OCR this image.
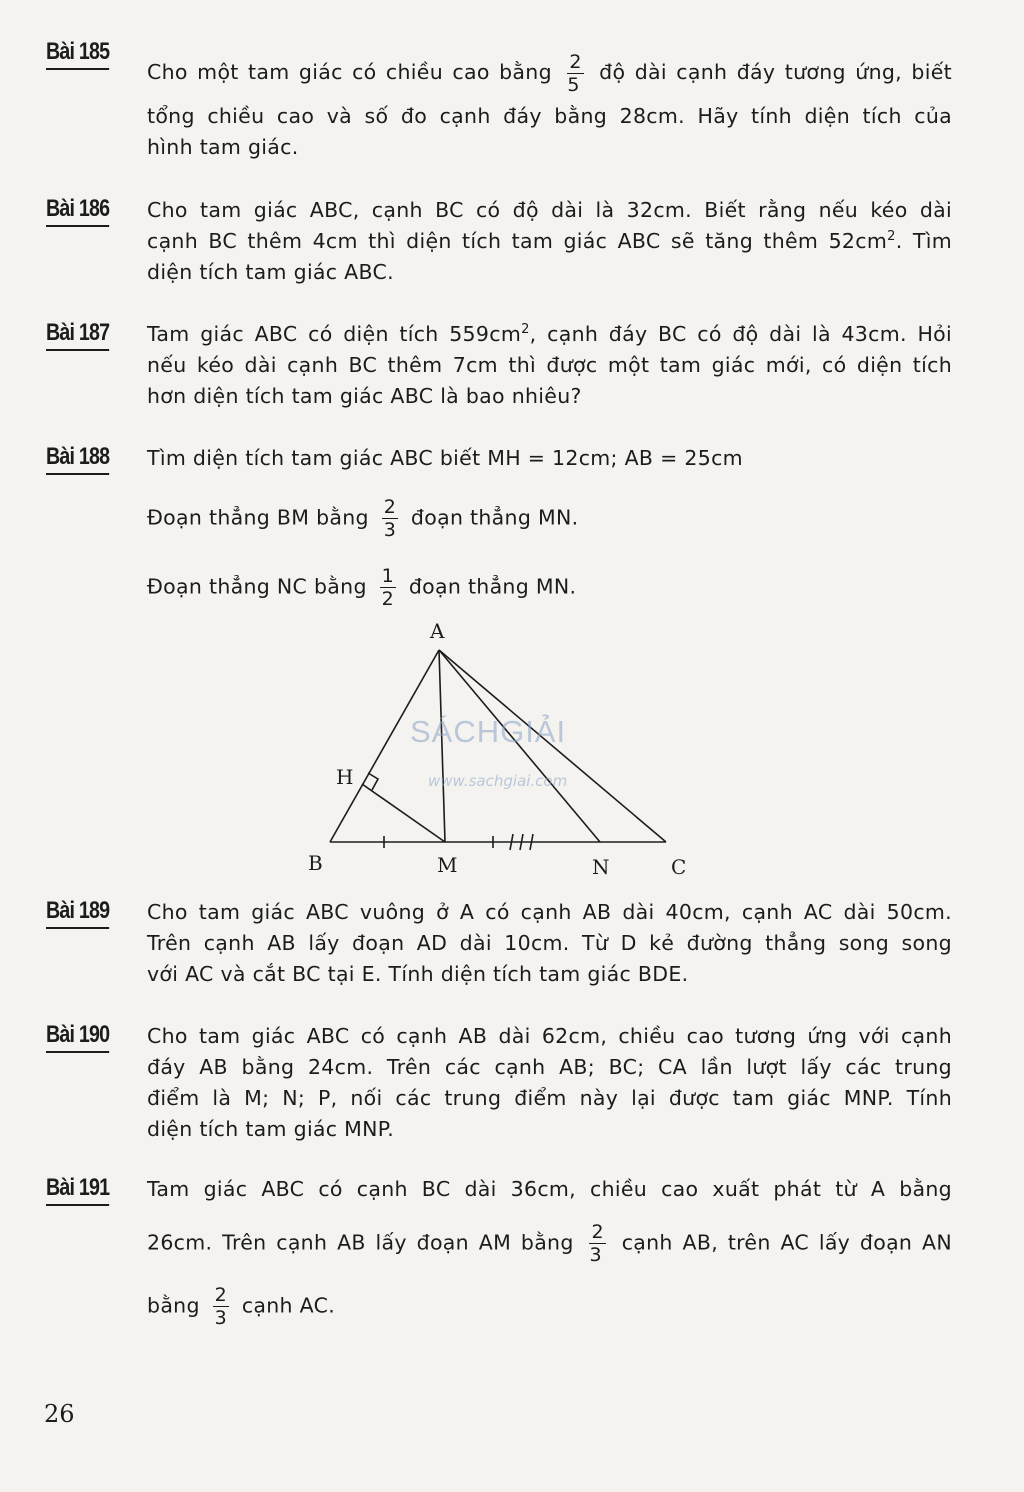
Bài 185
Cho một tam giác có chiều cao bằng $\frac{2}{5}$ độ dài cạnh đáy tương ứng, biết
tổng chiều cao và số đo cạnh đáy bằng 28cm. Hãy tính diện tích của
hình tam giác.
Bài 186 Cho tam giác ABC, cạnh BC có độ dài là 32cm. Biết rằng nếu kéo dài
cạnh BC thêm 4cm thì diện tích tam giác ABC sẽ tăng thêm $52cm^2$. Tìm
diện tích tam giác ABC.
Bài 187 Tam giác ABC có diện tích $559cm^2$, cạnh đáy BC có độ dài là 43cm. Hỏi
nếu kéo dài cạnh BC thêm 7cm thì được một tam giác mới, có diện tích
hơn diện tích tam giác ABC là bao nhiêu?
Bài 188 Tìm diện tích tam giác ABC biết MH = 12cm; AB = 25cm
Đoạn thẳng BM bằng $\frac{2}{3}$ đoạn thẳng MN.
Đoạn thẳng NC bằng $\frac{1}{2}$ đoạn thẳng MN.
A
B	C
H
M	N
SÁCHGIẢI
www.sachgiai.com
Bài 189 Cho tam giác ABC vuông ở A có cạnh AB dài 40cm, cạnh AC dài 50cm.
Trên cạnh AB lấy đoạn AD dài 10cm. Từ D kẻ đường thẳng song song
với AC và cắt BC tại E. Tính diện tích tam giác BDE.
Bài 190 Cho tam giác ABC có cạnh AB dài 62cm, chiều cao tương ứng với cạnh
đáy AB bằng 24cm. Trên các cạnh AB; BC; CA lần lượt lấy các trung
điểm là M; N; P, nối các trung điểm này lại được tam giác MNP. Tính
diện tích tam giác MNP.
Bài 191 Tam giác ABC có cạnh BC dài 36cm, chiều cao xuất phát từ A bằng
26cm. Trên cạnh AB lấy đoạn AM bằng $\frac{2}{3}$ cạnh AB, trên AC lấy đoạn AN
bằng $\frac{2}{3}$ cạnh AC.
26
